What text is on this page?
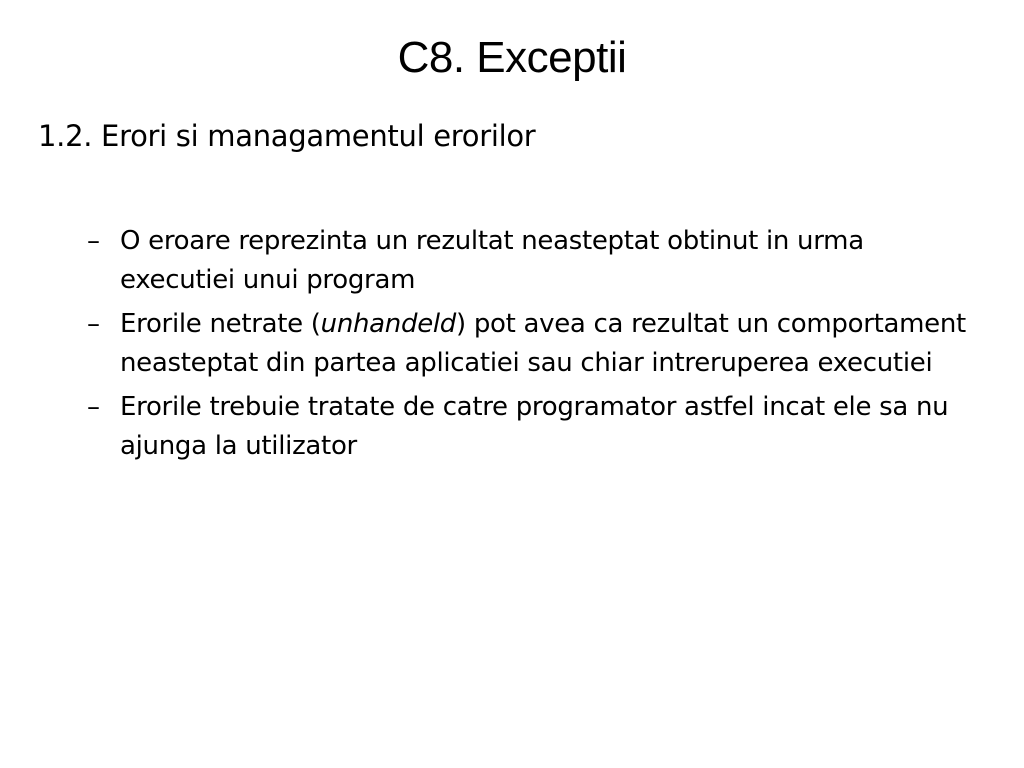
C8. Exceptii
1.2. Erori si managamentul erorilor
– O eroare reprezinta un rezultat neasteptat obtinut in urma executiei unui program
– Erorile netrate (unhandeld) pot avea ca rezultat un comportament neasteptat din partea aplicatiei sau chiar intreruperea executiei
– Erorile trebuie tratate de catre programator astfel incat ele sa nu ajunga la utilizator
